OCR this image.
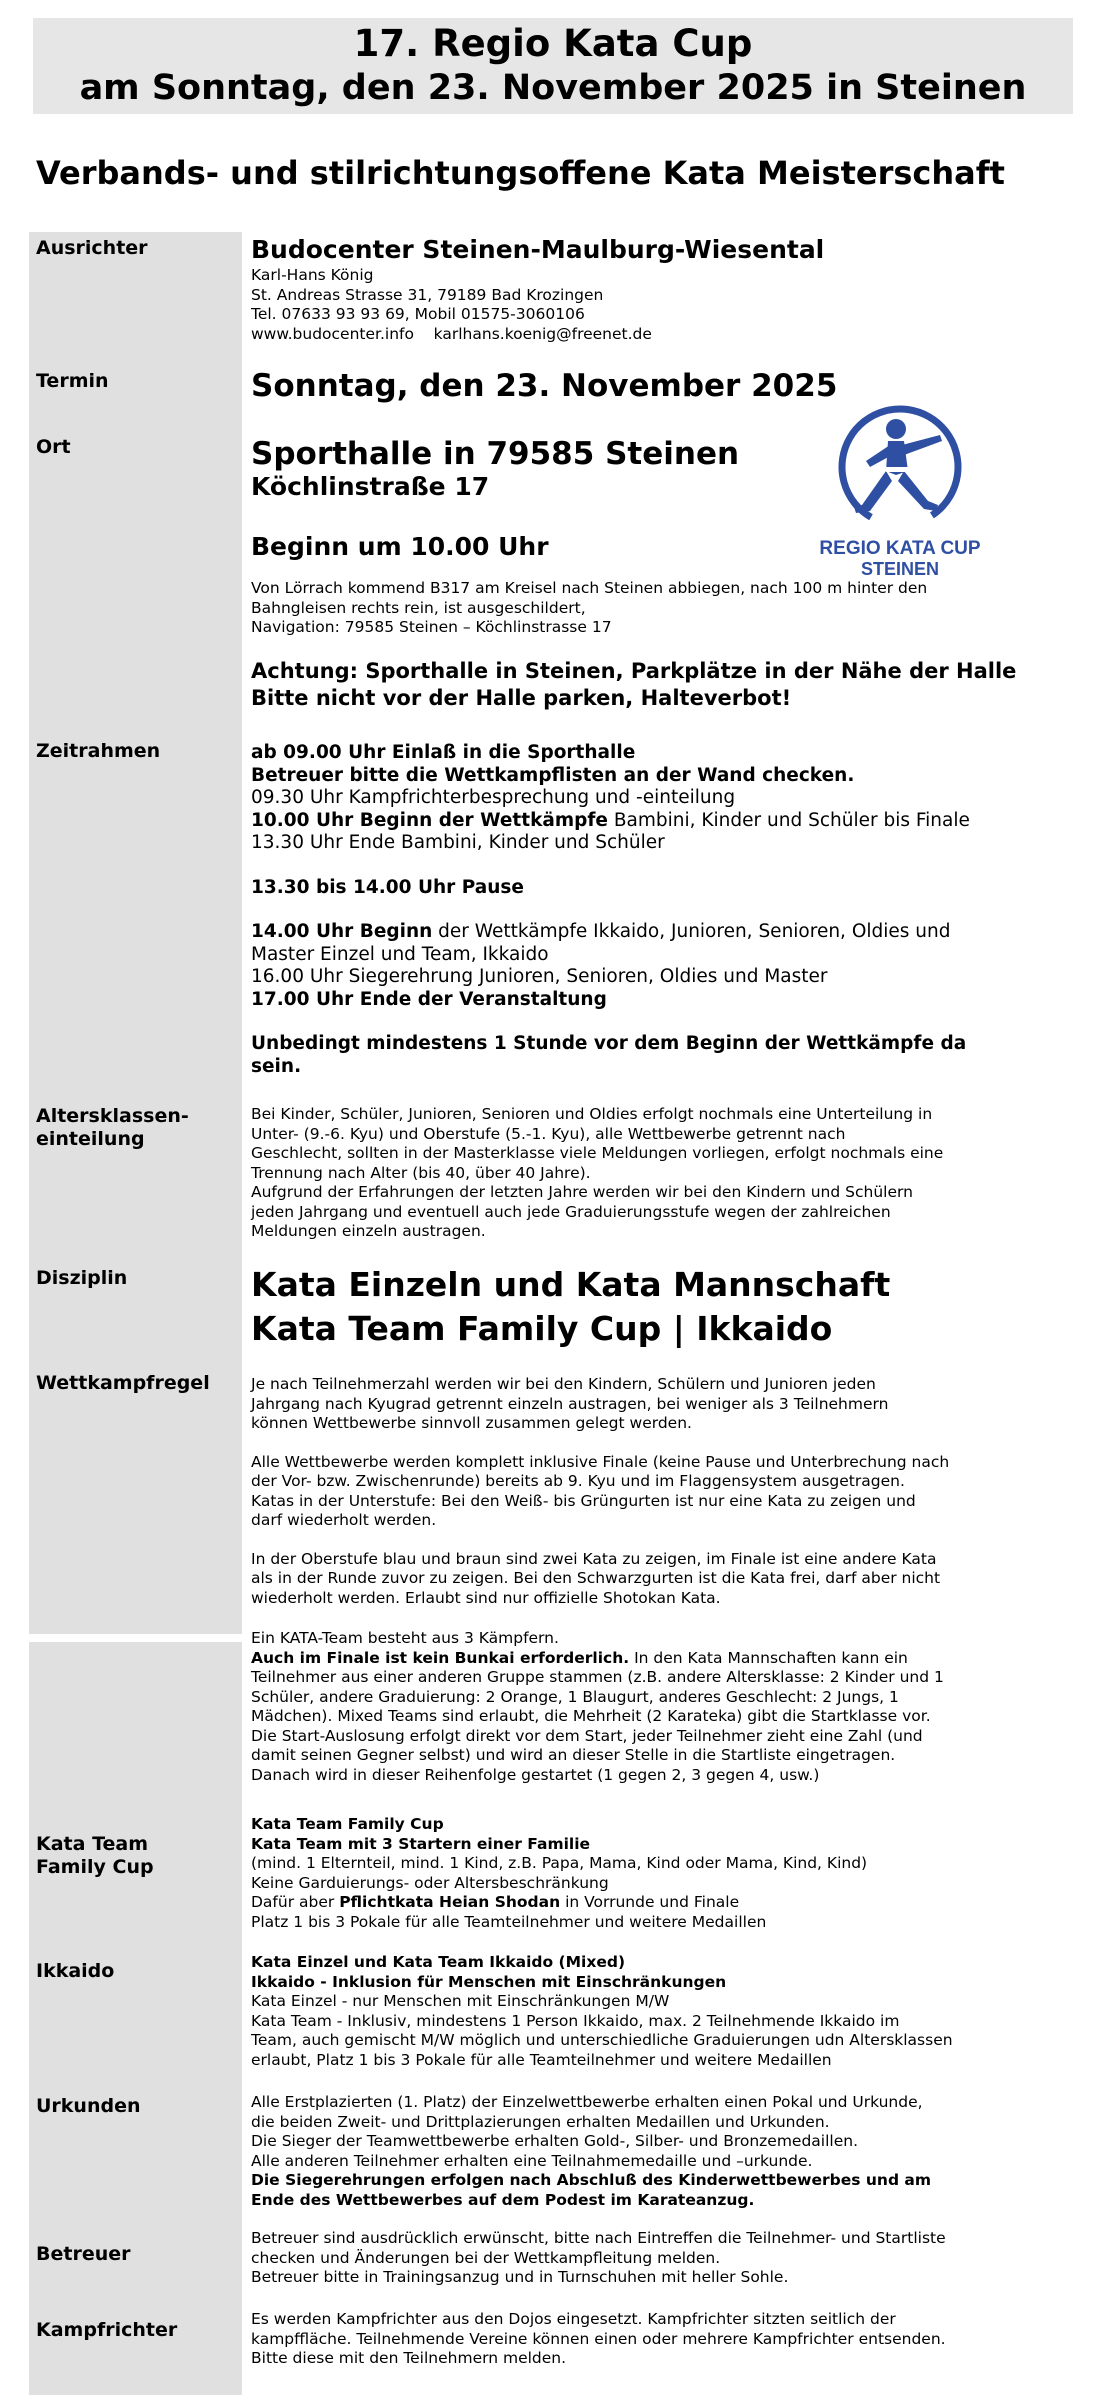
17. Regio Kata Cup
am Sonntag, den 23. November 2025 in Steinen
Verbands- und stilrichtungsoffene Kata Meisterschaft
Ausrichter
Termin
Ort
Zeitrahmen
Altersklassen-
einteilung
Disziplin
Wettkampfregel
Kata Team
Family Cup
Ikkaido
Urkunden
Betreuer
Kampfrichter
Budocenter Steinen-Maulburg-Wiesental
Karl-Hans König
St. Andreas Strasse 31, 79189 Bad Krozingen
Tel. 07633 93 93 69, Mobil 01575-3060106
www.budocenter.info    karlhans.koenig@freenet.de
Sonntag, den 23. November 2025
Sporthalle in 79585 Steinen
Köchlinstraße 17
Beginn um 10.00 Uhr
Von Lörrach kommend B317 am Kreisel nach Steinen abbiegen, nach 100 m hinter den
Bahngleisen rechts rein, ist ausgeschildert,
Navigation: 79585 Steinen – Köchlinstrasse 17
Achtung: Sporthalle in Steinen, Parkplätze in der Nähe der Halle
Bitte nicht vor der Halle parken, Halteverbot!
REGIO KATA CUP
STEINEN
ab 09.00 Uhr Einlaß in die Sporthalle
Betreuer bitte die Wettkampflisten an der Wand checken.
09.30 Uhr Kampfrichterbesprechung und -einteilung
10.00 Uhr Beginn der Wettkämpfe Bambini, Kinder und Schüler bis Finale
13.30 Uhr Ende Bambini, Kinder und Schüler
13.30 bis 14.00 Uhr Pause
14.00 Uhr Beginn der Wettkämpfe Ikkaido, Junioren, Senioren, Oldies und
Master Einzel und Team, Ikkaido
16.00 Uhr Siegerehrung Junioren, Senioren, Oldies und Master
17.00 Uhr Ende der Veranstaltung
Unbedingt mindestens 1 Stunde vor dem Beginn der Wettkämpfe da
sein.
Bei Kinder, Schüler, Junioren, Senioren und Oldies erfolgt nochmals eine Unterteilung in
Unter- (9.-6. Kyu) und Oberstufe (5.-1. Kyu), alle Wettbewerbe getrennt nach
Geschlecht, sollten in der Masterklasse viele Meldungen vorliegen, erfolgt nochmals eine
Trennung nach Alter (bis 40, über 40 Jahre).
Aufgrund der Erfahrungen der letzten Jahre werden wir bei den Kindern und Schülern
jeden Jahrgang und eventuell auch jede Graduierungsstufe wegen der zahlreichen
Meldungen einzeln austragen.
Kata Einzeln und Kata Mannschaft
Kata Team Family Cup | Ikkaido
Je nach Teilnehmerzahl werden wir bei den Kindern, Schülern und Junioren jeden
Jahrgang nach Kyugrad getrennt einzeln austragen, bei weniger als 3 Teilnehmern
können Wettbewerbe sinnvoll zusammen gelegt werden.
Alle Wettbewerbe werden komplett inklusive Finale (keine Pause und Unterbrechung nach
der Vor- bzw. Zwischenrunde) bereits ab 9. Kyu und im Flaggensystem ausgetragen.
Katas in der Unterstufe: Bei den Weiß- bis Grüngurten ist nur eine Kata zu zeigen und
darf wiederholt werden.
In der Oberstufe blau und braun sind zwei Kata zu zeigen, im Finale ist eine andere Kata
als in der Runde zuvor zu zeigen. Bei den Schwarzgurten ist die Kata frei, darf aber nicht
wiederholt werden. Erlaubt sind nur offizielle Shotokan Kata.
Ein KATA-Team besteht aus 3 Kämpfern.
Auch im Finale ist kein Bunkai erforderlich. In den Kata Mannschaften kann ein
Teilnehmer aus einer anderen Gruppe stammen (z.B. andere Altersklasse: 2 Kinder und 1
Schüler, andere Graduierung: 2 Orange, 1 Blaugurt, anderes Geschlecht: 2 Jungs, 1
Mädchen). Mixed Teams sind erlaubt, die Mehrheit (2 Karateka) gibt die Startklasse vor.
Die Start-Auslosung erfolgt direkt vor dem Start, jeder Teilnehmer zieht eine Zahl (und
damit seinen Gegner selbst) und wird an dieser Stelle in die Startliste eingetragen.
Danach wird in dieser Reihenfolge gestartet (1 gegen 2, 3 gegen 4, usw.)
Kata Team Family Cup
Kata Team mit 3 Startern einer Familie
(mind. 1 Elternteil, mind. 1 Kind, z.B. Papa, Mama, Kind oder Mama, Kind, Kind)
Keine Garduierungs- oder Altersbeschränkung
Dafür aber Pflichtkata Heian Shodan in Vorrunde und Finale
Platz 1 bis 3 Pokale für alle Teamteilnehmer und weitere Medaillen
Kata Einzel und Kata Team Ikkaido (Mixed)
Ikkaido - Inklusion für Menschen mit Einschränkungen
Kata Einzel - nur Menschen mit Einschränkungen M/W
Kata Team - Inklusiv, mindestens 1 Person Ikkaido, max. 2 Teilnehmende Ikkaido im
Team, auch gemischt M/W möglich und unterschiedliche Graduierungen udn Altersklassen
erlaubt, Platz 1 bis 3 Pokale für alle Teamteilnehmer und weitere Medaillen
Alle Erstplazierten (1. Platz) der Einzelwettbewerbe erhalten einen Pokal und Urkunde,
die beiden Zweit- und Drittplazierungen erhalten Medaillen und Urkunden.
Die Sieger der Teamwettbewerbe erhalten Gold-, Silber- und Bronzemedaillen.
Alle anderen Teilnehmer erhalten eine Teilnahmemedaille und –urkunde.
Die Siegerehrungen erfolgen nach Abschluß des Kinderwettbewerbes und am
Ende des Wettbewerbes auf dem Podest im Karateanzug.
Betreuer sind ausdrücklich erwünscht, bitte nach Eintreffen die Teilnehmer- und Startliste
checken und Änderungen bei der Wettkampfleitung melden.
Betreuer bitte in Trainingsanzug und in Turnschuhen mit heller Sohle.
Es werden Kampfrichter aus den Dojos eingesetzt. Kampfrichter sitzten seitlich der
kampffläche. Teilnehmende Vereine können einen oder mehrere Kampfrichter entsenden.
Bitte diese mit den Teilnehmern melden.
